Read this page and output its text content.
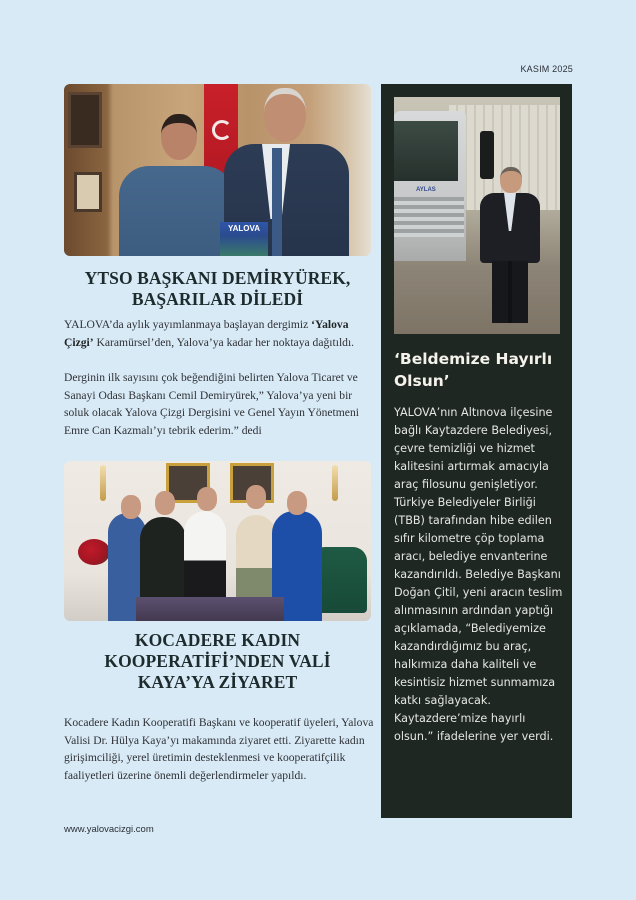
KASIM 2025
YALOVA
YTSO BAŞKANI DEMİRYÜREK, BAŞARILAR DİLEDİ

YALOVA’da aylık yayımlanmaya başlayan dergimiz ‘Yalova Çizgi’ Karamürsel’den, Yalova’ya kadar her noktaya dağıtıldı.

Derginin ilk sayısını çok beğendiğini belirten Yalova Ticaret ve Sanayi Odası Başkanı Cemil Demiryürek,” Yalova’ya yeni bir soluk olacak Yalova Çizgi Dergisini ve Genel Yayın Yönetmeni Emre Can Kazmalı’yı tebrik ederim.” dedi

KOCADERE KADIN KOOPERATİFİ’NDEN VALİ KAYA’YA ZİYARET

Kocadere Kadın Kooperatifi Başkanı ve kooperatif üyeleri, Yalova Valisi Dr. Hülya Kaya’yı makamında ziyaret etti. Ziyarette kadın girişimciliği, yerel üretimin desteklenmesi ve kooperatifçilik faaliyetleri üzerine önemli değerlendirmeler yapıldı.

AYLAS
‘Beldemize Hayırlı Olsun’

YALOVA’nın Altınova ilçesine bağlı Kaytazdere Belediyesi, çevre temizliği ve hizmet kalitesini artırmak amacıyla araç filosunu genişletiyor. Türkiye Belediyeler Birliği (TBB) tarafından hibe edilen sıfır kilometre çöp toplama aracı, belediye envanterine kazandırıldı. Belediye Başkanı Doğan Çitil, yeni aracın teslim alınmasının ardından yaptığı açıklamada, “Belediyemize kazandırdığımız bu araç, halkımıza daha kaliteli ve kesintisiz hizmet sunmamıza katkı sağlayacak. Kaytazdere’mize hayırlı olsun.” ifadelerine yer verdi.

www.yalovacizgi.com
